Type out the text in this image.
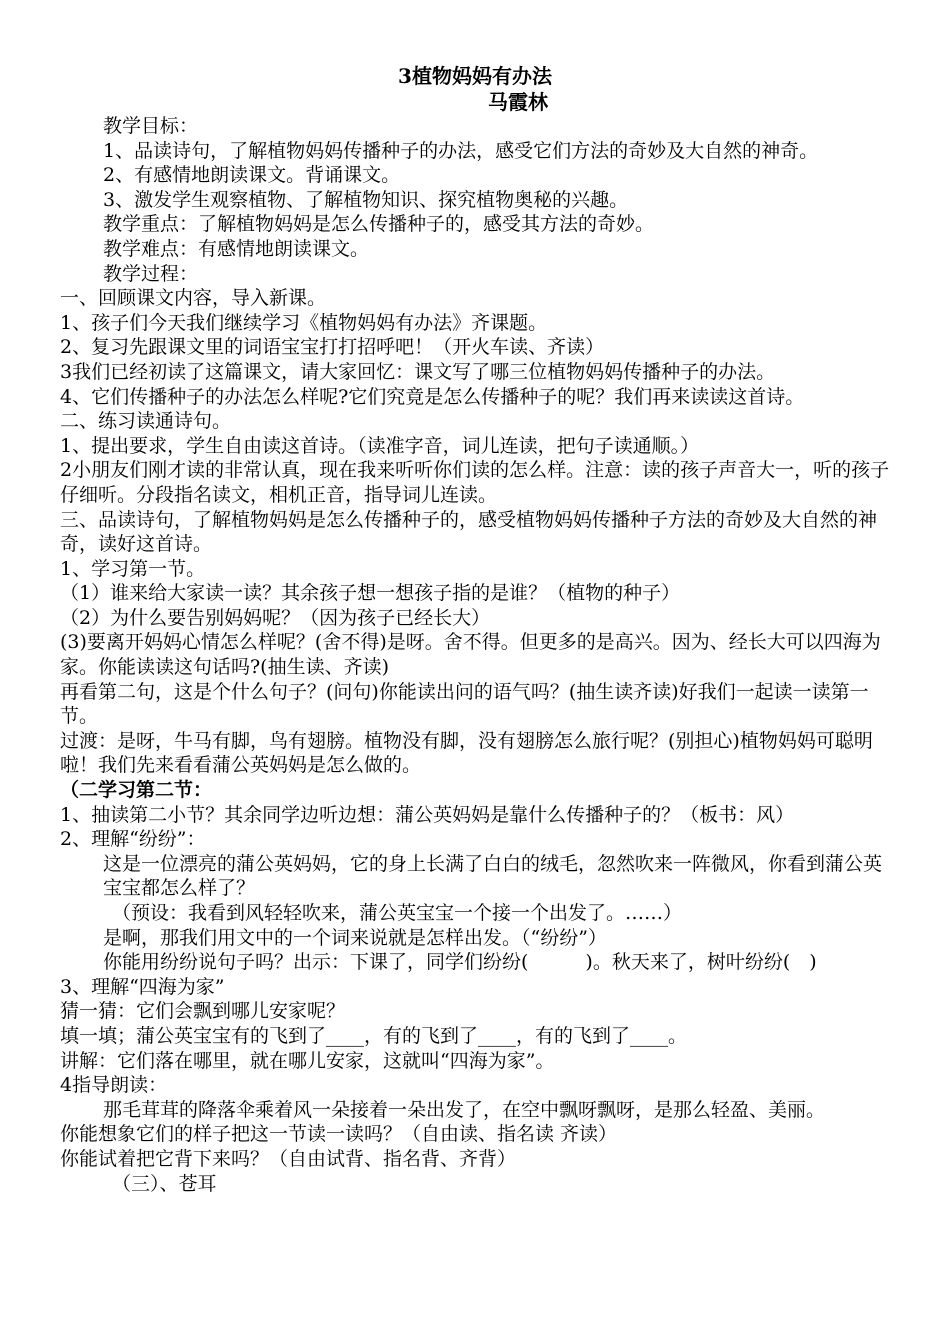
3植物妈妈有办法
马霞林

教学目标：

1、品读诗句，了解植物妈妈传播种子的办法，感受它们方法的奇妙及大自然的神奇。

2、有感情地朗读课文。背诵课文。

3、激发学生观察植物、了解植物知识、探究植物奥秘的兴趣。

教学重点：了解植物妈妈是怎么传播种子的，感受其方法的奇妙。

教学难点：有感情地朗读课文。

教学过程：

一、回顾课文内容，导入新课。

1、孩子们今天我们继续学习《植物妈妈有办法》齐课题。

2、复习先跟课文里的词语宝宝打打招呼吧！（开火车读、齐读）

3我们已经初读了这篇课文，请大家回忆：课文写了哪三位植物妈妈传播种子的办法。

4、它们传播种子的办法怎么样呢?它们究竟是怎么传播种子的呢？我们再来读读这首诗。

二、练习读通诗句。

1、提出要求，学生自由读这首诗。（读准字音，词儿连读，把句子读通顺。）

2小朋友们刚才读的非常认真，现在我来听听你们读的怎么样。注意：读的孩子声音大一，听的孩子仔细听。分段指名读文，相机正音，指导词儿连读。

三、品读诗句，了解植物妈妈是怎么传播种子的，感受植物妈妈传播种子方法的奇妙及大自然的神奇，读好这首诗。

1、学习第一节。

（1）谁来给大家读一读？其余孩子想一想孩子指的是谁？（植物的种子）

（2）为什么要告别妈妈呢？（因为孩子已经长大）

(3)要离开妈妈心情怎么样呢？(舍不得)是呀。舍不得。但更多的是高兴。因为、经长大可以四海为家。你能读读这句话吗?(抽生读、齐读)

再看第二句，这是个什么句子？(问句)你能读出问的语气吗？(抽生读齐读)好我们一起读一读第一节。

过渡：是呀，牛马有脚，鸟有翅膀。植物没有脚，没有翅膀怎么旅行呢？(别担心)植物妈妈可聪明啦！我们先来看看蒲公英妈妈是怎么做的。

（二学习第二节：

1、抽读第二小节？其余同学边听边想：蒲公英妈妈是靠什么传播种子的？（板书：风）

2、理解“纷纷”：

这是一位漂亮的蒲公英妈妈，它的身上长满了白白的绒毛，忽然吹来一阵微风，你看到蒲公英宝宝都怎么样了？

（预设：我看到风轻轻吹来，蒲公英宝宝一个接一个出发了。……）

是啊，那我们用文中的一个词来说就是怎样出发。（“纷纷”）

你能用纷纷说句子吗？出示：下课了，同学们纷纷(　　　)。秋天来了，树叶纷纷(　)

3、理解“四海为家”

猜一猜：它们会飘到哪儿安家呢？

填一填；蒲公英宝宝有的飞到了____，有的飞到了____，有的飞到了____。

讲解：它们落在哪里，就在哪儿安家，这就叫“四海为家”。

4指导朗读：

那毛茸茸的降落伞乘着风一朵接着一朵出发了，在空中飘呀飘呀，是那么轻盈、美丽。

你能想象它们的样子把这一节读一读吗？（自由读、指名读 齐读）

你能试着把它背下来吗？（自由试背、指名背、齐背）

（三）、苍耳
